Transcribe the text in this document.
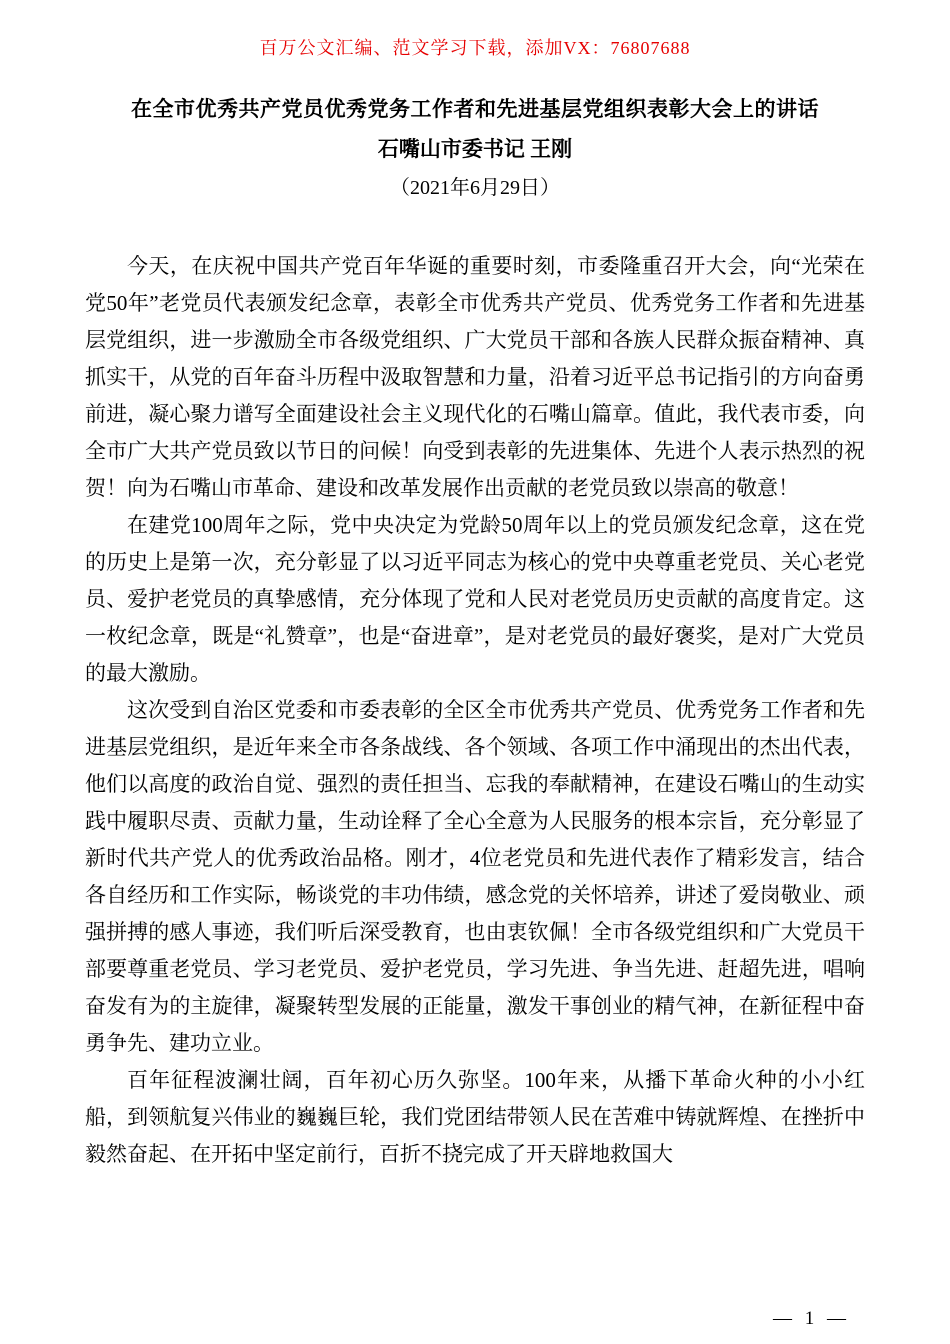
百万公文汇编、范文学习下载，添加VX：76807688
在全市优秀共产党员优秀党务工作者和先进基层党组织表彰大会上的讲话
石嘴山市委书记 王刚
（2021年6月29日）

今天，在庆祝中国共产党百年华诞的重要时刻，市委隆重召开大会，向“光荣在党50年”老党员代表颁发纪念章，表彰全市优秀共产党员、优秀党务工作者和先进基层党组织，进一步激励全市各级党组织、广大党员干部和各族人民群众振奋精神、真抓实干，从党的百年奋斗历程中汲取智慧和力量，沿着习近平总书记指引的方向奋勇前进，凝心聚力谱写全面建设社会主义现代化的石嘴山篇章。值此，我代表市委，向全市广大共产党员致以节日的问候！向受到表彰的先进集体、先进个人表示热烈的祝贺！向为石嘴山市革命、建设和改革发展作出贡献的老党员致以崇高的敬意！

在建党100周年之际，党中央决定为党龄50周年以上的党员颁发纪念章，这在党的历史上是第一次，充分彰显了以习近平同志为核心的党中央尊重老党员、关心老党员、爱护老党员的真挚感情，充分体现了党和人民对老党员历史贡献的高度肯定。这一枚纪念章，既是“礼赞章”，也是“奋进章”，是对老党员的最好褒奖，是对广大党员的最大激励。

这次受到自治区党委和市委表彰的全区全市优秀共产党员、优秀党务工作者和先进基层党组织，是近年来全市各条战线、各个领域、各项工作中涌现出的杰出代表，他们以高度的政治自觉、强烈的责任担当、忘我的奉献精神，在建设石嘴山的生动实践中履职尽责、贡献力量，生动诠释了全心全意为人民服务的根本宗旨，充分彰显了新时代共产党人的优秀政治品格。刚才，4位老党员和先进代表作了精彩发言，结合各自经历和工作实际，畅谈党的丰功伟绩，感念党的关怀培养，讲述了爱岗敬业、顽强拼搏的感人事迹，我们听后深受教育，也由衷钦佩！全市各级党组织和广大党员干部要尊重老党员、学习老党员、爱护老党员，学习先进、争当先进、赶超先进，唱响奋发有为的主旋律，凝聚转型发展的正能量，激发干事创业的精气神，在新征程中奋勇争先、建功立业。

百年征程波澜壮阔，百年初心历久弥坚。100年来，从播下革命火种的小小红船，到领航复兴伟业的巍巍巨轮，我们党团结带领人民在苦难中铸就辉煌、在挫折中毅然奋起、在开拓中坚定前行，百折不挠完成了开天辟地救国大

— 1 —
